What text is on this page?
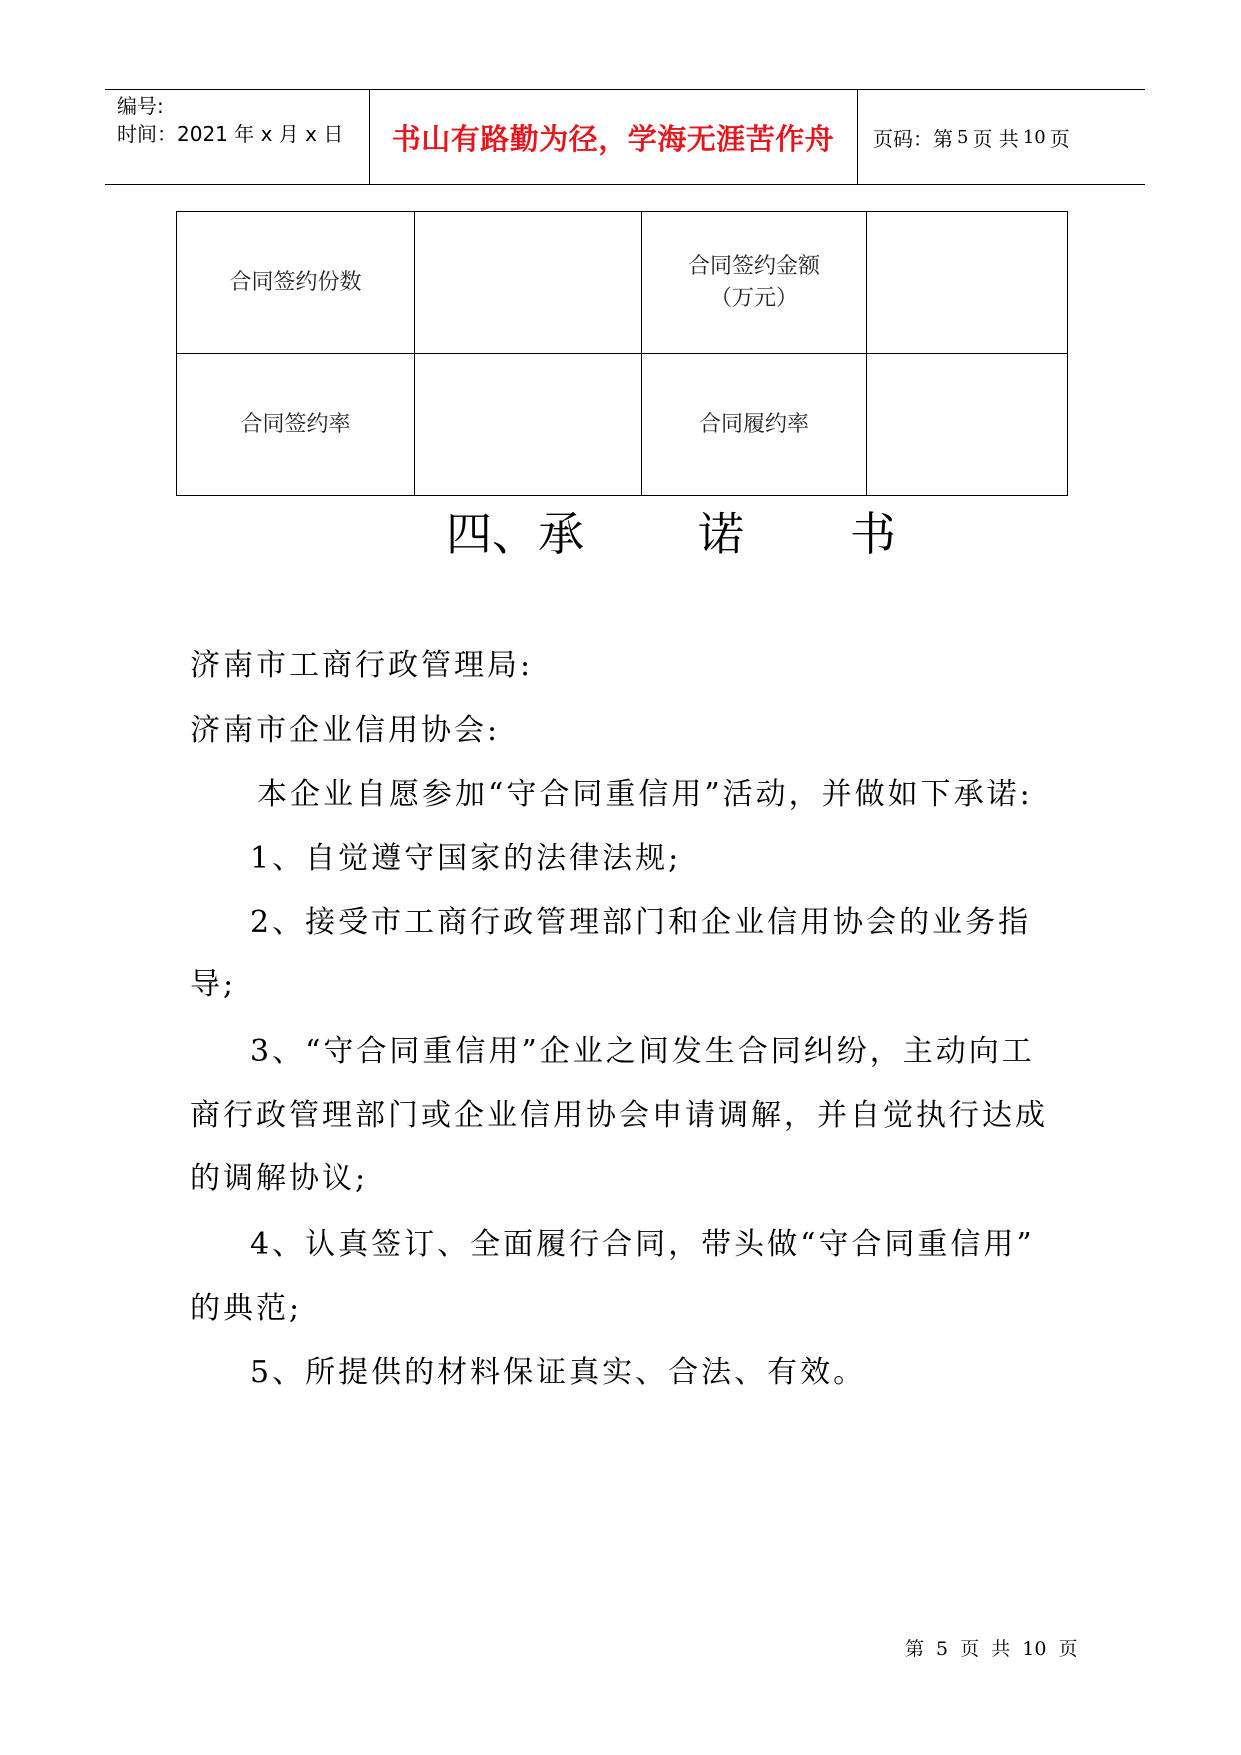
编号:
时间：2021 年 x 月 x 日	书山有路勤为径，学海无涯苦作舟	页码：第 5 页 共 10 页
合同签约份数		合同签约金额
（万元）	
合同签约率		合同履约率	
四、承 诺 书
济南市工商行政管理局:
济南市企业信用协会:
本企业自愿参加“守合同重信用”活动，并做如下承诺:
1、自觉遵守国家的法律法规;
2、接受市工商行政管理部门和企业信用协会的业务指
导;
3、“守合同重信用”企业之间发生合同纠纷，主动向工
商行政管理部门或企业信用协会申请调解，并自觉执行达成
的调解协议;
4、认真签订、全面履行合同，带头做“守合同重信用”
的典范;
5、所提供的材料保证真实、合法、有效。
第 5 页 共 10 页
